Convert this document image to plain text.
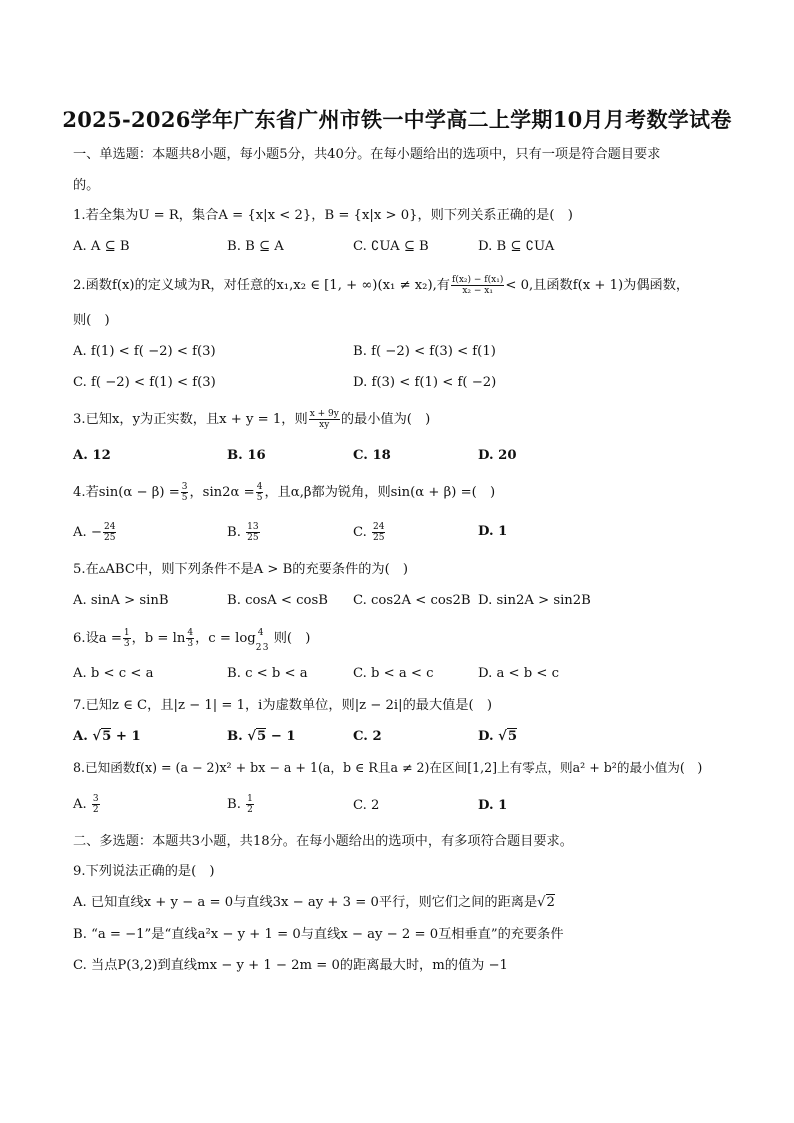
2025-2026学年广东省广州市铁一中学高二上学期10月月考数学试卷
一、单选题：本题共8小题，每小题5分，共40分。在每小题给出的选项中，只有一项是符合题目要求
的。
1.若全集为U = R，集合A = {x|x < 2}，B = {x|x > 0}，则下列关系正确的是(　)
A. A ⊆ B	B. B ⊆ A	C. ∁UA ⊆ B	D. B ⊆ ∁UA
2.函数f(x)的定义域为R，对任意的x₁,x₂ ∈ [1, + ∞)(x₁ ≠ x₂),有 $\frac{\text{f(x₂) − f(x₁)}}{\text{x₂ − x₁}} < 0$,且函数f(x + 1)为偶函数，
则(　)
A. f(1) < f( −2) < f(3)	B. f( −2) < f(3) < f(1)
C. f( −2) < f(1) < f(3)	D. f(3) < f(1) < f( −2)
3.已知x，y为正实数，且x + y = 1，则 $\frac{x + 9y}{xy}$ 的最小值为(　)
A. 12	B. 16	C. 18	D. 20
4.若$\sin(\alpha - \beta) = \frac{3}{5}$ ，$\sin 2\alpha = \frac{4}{5}$ ，且α,β都为锐角，则sin(α + β) =(　)
A. − $\frac{24}{25}$	B. $\frac{13}{25}$	C. $\frac{24}{25}$	D. 1
5.在▵ABC中，则下列条件不是A > B的充要条件的为(　)
A. sinA > sinB	B. cosA < cosB C. cos2A < cos2B D. sin2A > sin2B
6.设$a = \frac{1}{3}$ ，$b = \ln \frac{4}{3}$ ，c = log 4
2 3
则(　)
A. b < c < a	B. c < b < a	C. b < a < c	D. a < b < c
7.已知z ∈ C，且|z − 1| = 1，i为虚数单位，则|z − 2i|的最大值是(　)
A. √5 + 1	B. √5 − 1	C. 2	D. √5
8.已知函数f(x) = (a − 2)x² + bx − a + 1(a，b ∈ R且a ≠ 2)在区间[1,2]上有零点，则a² + b²的最小值为(　)
A. $\frac{3}{2}$	B. $\frac{1}{2}$	C. 2	D. 1
二、多选题：本题共3小题，共18分。在每小题给出的选项中，有多项符合题目要求。
9.下列说法正确的是(　)
A. 已知直线x + y − a = 0与直线3x − ay + 3 = 0平行，则它们之间的距离是√2
B. “a = −1”是“直线a²x − y + 1 = 0与直线x − ay − 2 = 0互相垂直”的充要条件
C. 当点P(3,2)到直线mx − y + 1 − 2m = 0的距离最大时，m的值为 −1
